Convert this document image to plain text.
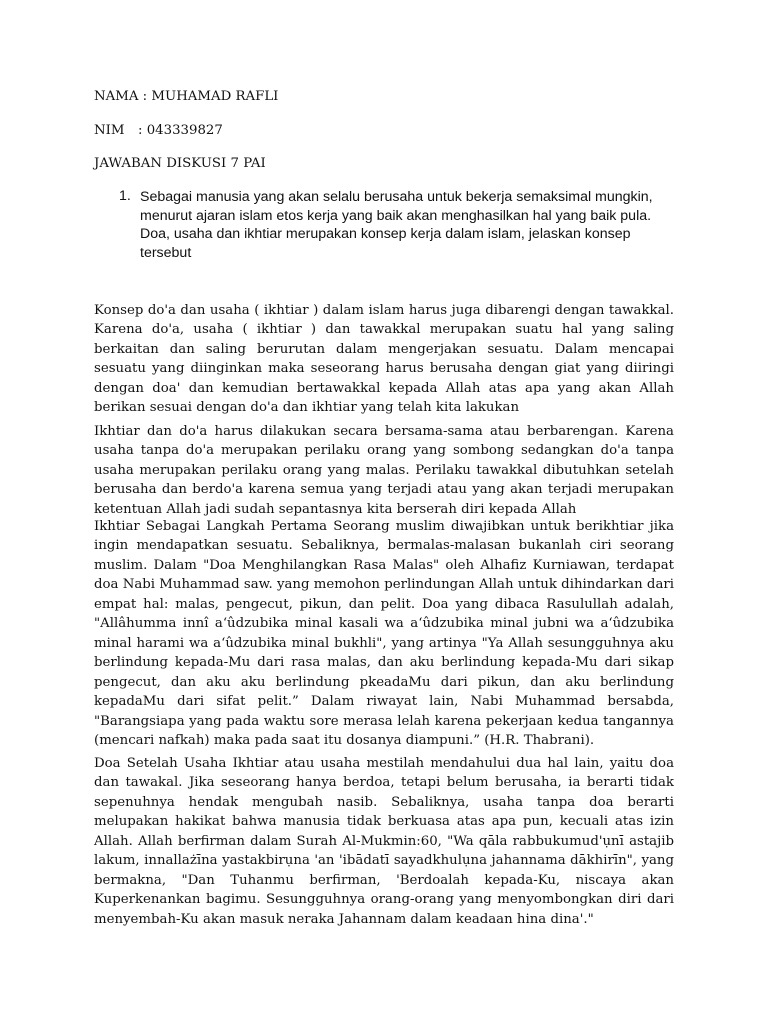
NAMA : MUHAMAD RAFLI
NIM : 043339827
JAWABAN DISKUSI 7 PAI
1. Sebagai manusia yang akan selalu berusaha untuk bekerja semaksimal mungkin, menurut ajaran islam etos kerja yang baik akan menghasilkan hal yang baik pula. Doa, usaha dan ikhtiar merupakan konsep kerja dalam islam, jelaskan konsep tersebut
Konsep do'a dan usaha ( ikhtiar ) dalam islam harus juga dibarengi dengan tawakkal. Karena do'a, usaha ( ikhtiar ) dan tawakkal merupakan suatu hal yang saling berkaitan dan saling berurutan dalam mengerjakan sesuatu. Dalam mencapai sesuatu yang diinginkan maka seseorang harus berusaha dengan giat yang diiringi dengan doa' dan kemudian bertawakkal kepada Allah atas apa yang akan Allah berikan sesuai dengan do'a dan ikhtiar yang telah kita lakukan
Ikhtiar dan do'a harus dilakukan secara bersama-sama atau berbarengan. Karena usaha tanpa do'a merupakan perilaku orang yang sombong sedangkan do'a tanpa usaha merupakan perilaku orang yang malas. Perilaku tawakkal dibutuhkan setelah berusaha dan berdo'a karena semua yang terjadi atau yang akan terjadi merupakan ketentuan Allah jadi sudah sepantasnya kita berserah diri kepada Allah
Ikhtiar Sebagai Langkah Pertama Seorang muslim diwajibkan untuk berikhtiar jika ingin mendapatkan sesuatu. Sebaliknya, bermalas-malasan bukanlah ciri seorang muslim. Dalam "Doa Menghilangkan Rasa Malas" oleh Alhafiz Kurniawan, terdapat doa Nabi Muhammad saw. yang memohon perlindungan Allah untuk dihindarkan dari empat hal: malas, pengecut, pikun, dan pelit. Doa yang dibaca Rasulullah adalah, "Allâhumma innî a‘ûdzubika minal kasali wa a‘ûdzubika minal jubni wa a‘ûdzubika minal harami wa a‘ûdzubika minal bukhli", yang artinya "Ya Allah sesungguhnya aku berlindung kepada-Mu dari rasa malas, dan aku berlindung kepada-Mu dari sikap pengecut, dan aku aku berlindung pkeadaMu dari pikun, dan aku berlindung kepadaMu dari sifat pelit.” Dalam riwayat lain, Nabi Muhammad bersabda, "Barangsiapa yang pada waktu sore merasa lelah karena pekerjaan kedua tangannya (mencari nafkah) maka pada saat itu dosanya diampuni.” (H.R. Thabrani).
Doa Setelah Usaha Ikhtiar atau usaha mestilah mendahului dua hal lain, yaitu doa dan tawakal. Jika seseorang hanya berdoa, tetapi belum berusaha, ia berarti tidak sepenuhnya hendak mengubah nasib. Sebaliknya, usaha tanpa doa berarti melupakan hakikat bahwa manusia tidak berkuasa atas apa pun, kecuali atas izin Allah. Allah berfirman dalam Surah Al-Mukmin:60, "Wa qāla rabbukumud'ụnī astajib lakum, innallażīna yastakbirụna 'an 'ibādatī sayadkhulụna jahannama dākhirīn", yang bermakna, "Dan Tuhanmu berfirman, 'Berdoalah kepada-Ku, niscaya akan Kuperkenankan bagimu. Sesungguhnya orang-orang yang menyombongkan diri dari menyembah-Ku akan masuk neraka Jahannam dalam keadaan hina dina'."
